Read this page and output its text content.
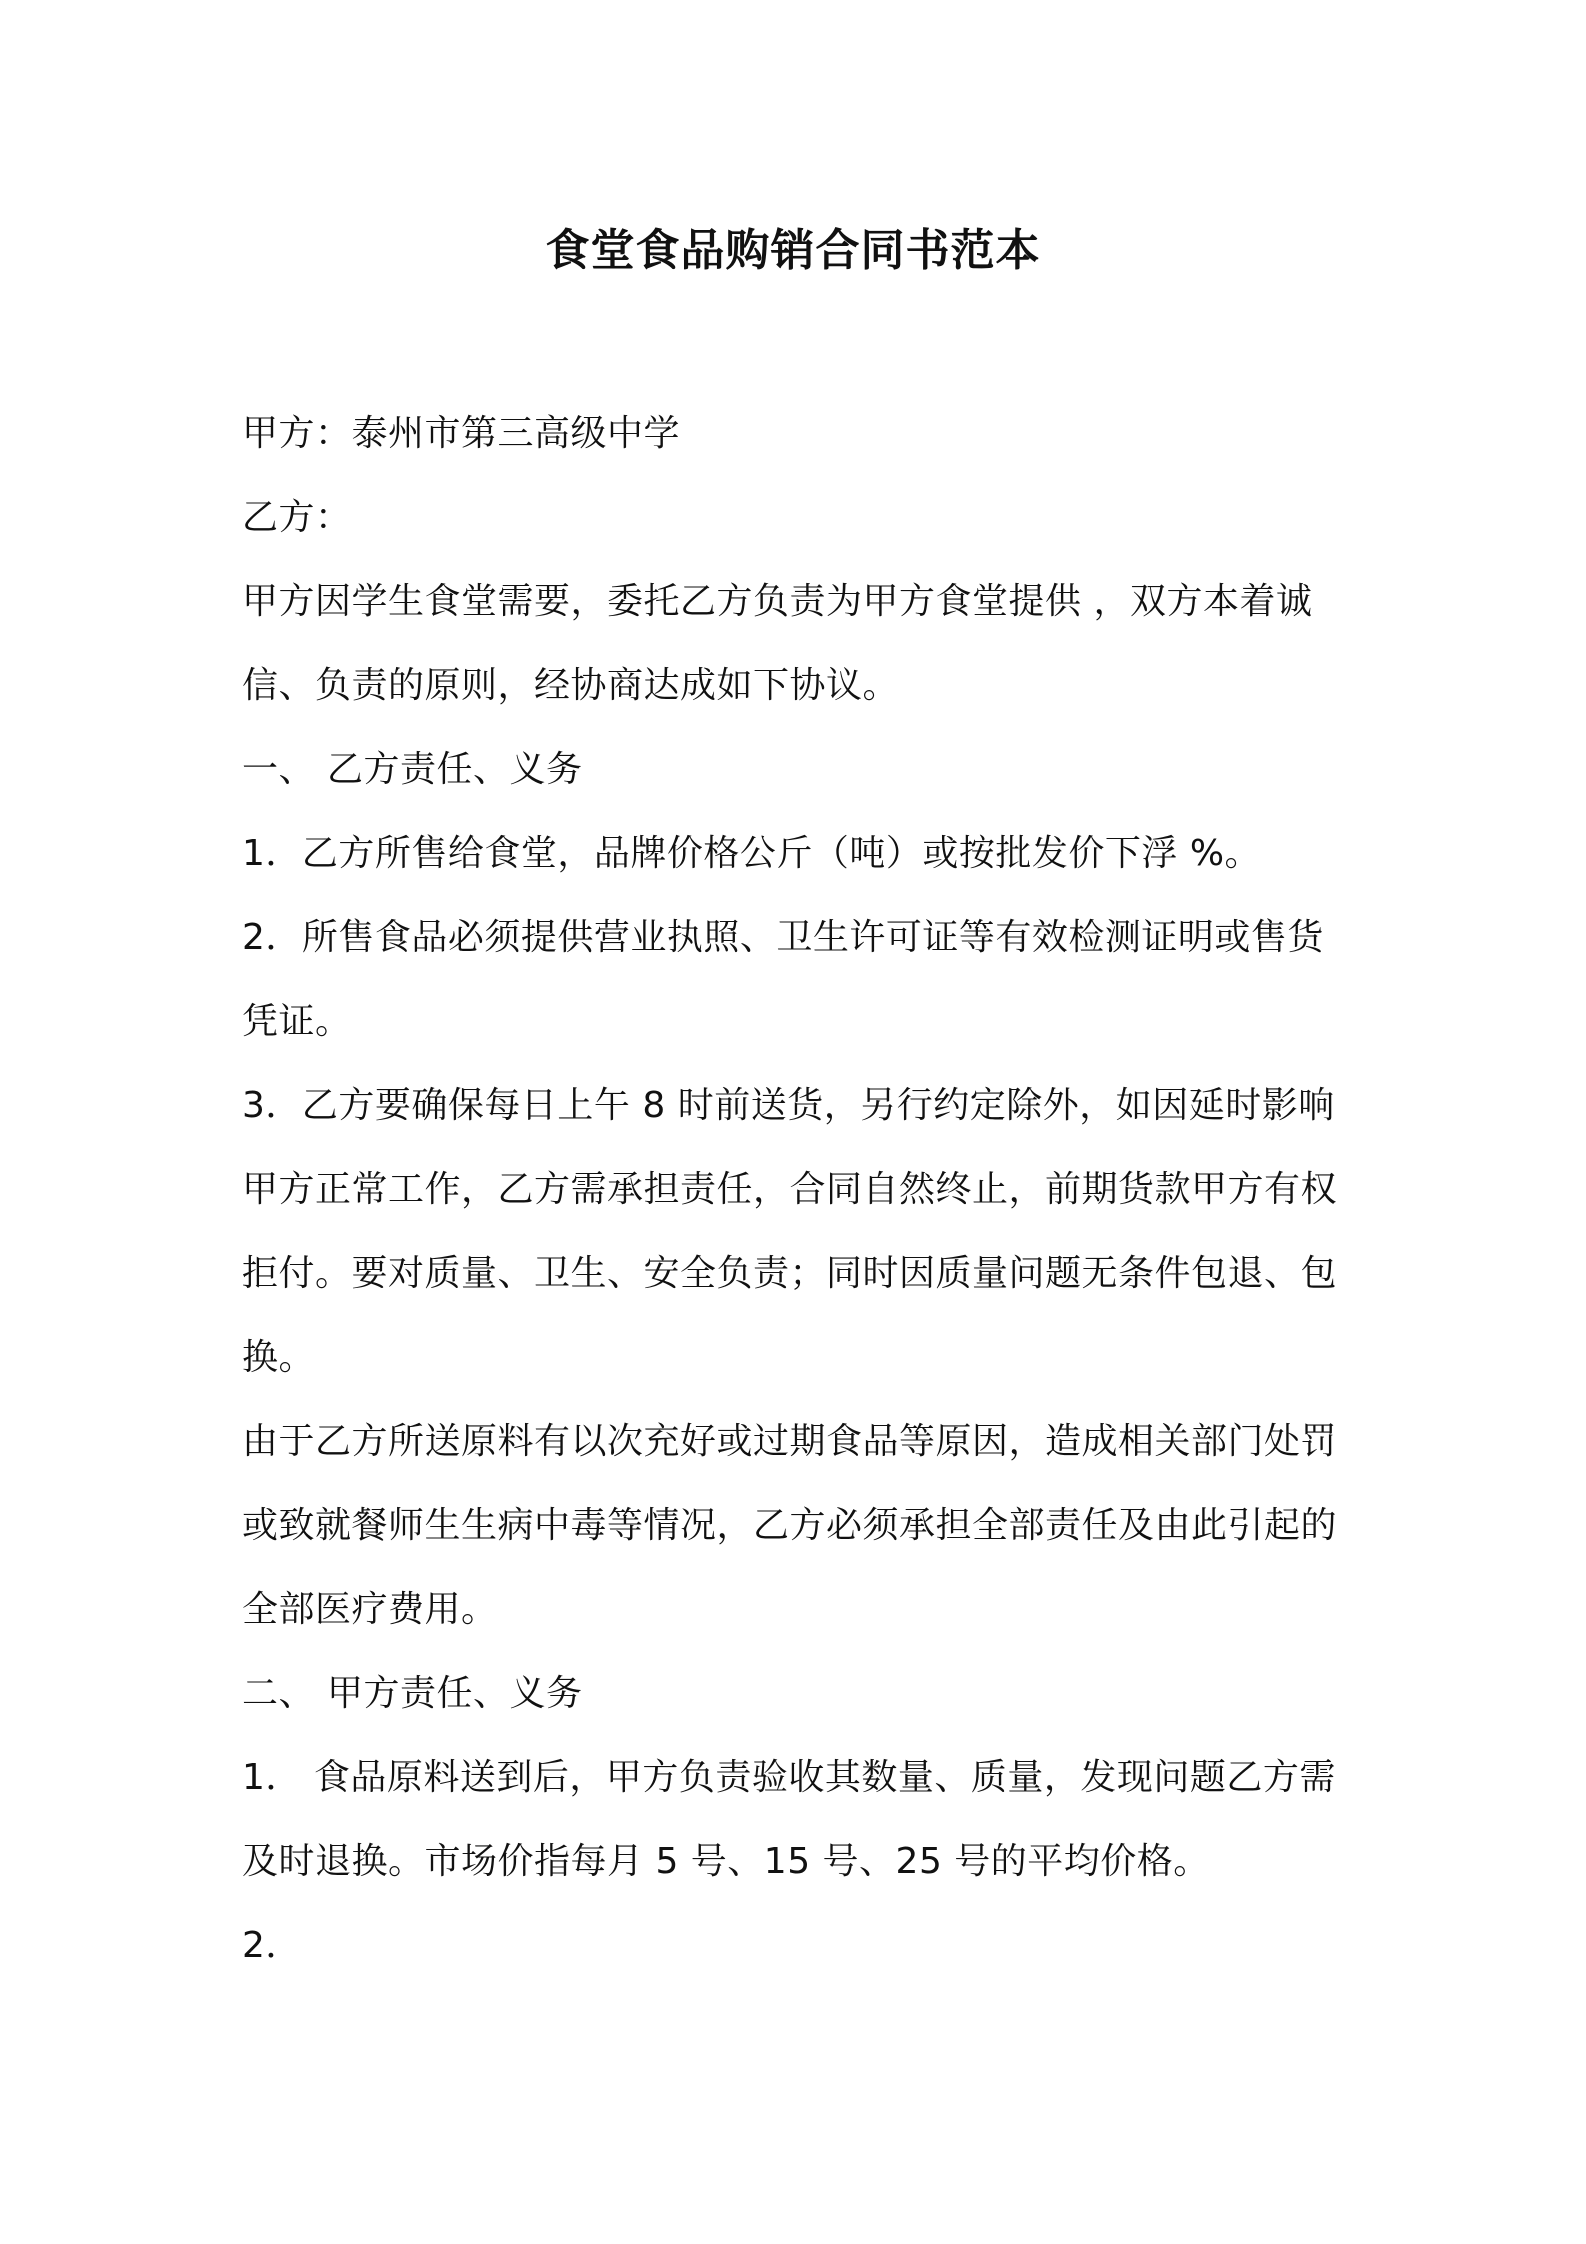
食堂食品购销合同书范本
甲方：泰州市第三高级中学
乙方：
甲方因学生食堂需要，委托乙方负责为甲方食堂提供 ，双方本着诚
信、负责的原则，经协商达成如下协议。
一、 乙方责任、义务
1．乙方所售给食堂，品牌价格公斤（吨）或按批发价下浮 %。
2．所售食品必须提供营业执照、卫生许可证等有效检测证明或售货
凭证。
3．乙方要确保每日上午 8 时前送货，另行约定除外，如因延时影响
甲方正常工作，乙方需承担责任，合同自然终止，前期货款甲方有权
拒付。要对质量、卫生、安全负责；同时因质量问题无条件包退、包
换。
由于乙方所送原料有以次充好或过期食品等原因，造成相关部门处罚
或致就餐师生生病中毒等情况，乙方必须承担全部责任及由此引起的
全部医疗费用。
二、 甲方责任、义务
1． 食品原料送到后，甲方负责验收其数量、质量，发现问题乙方需
及时退换。市场价指每月 5 号、15 号、25 号的平均价格。
2．
